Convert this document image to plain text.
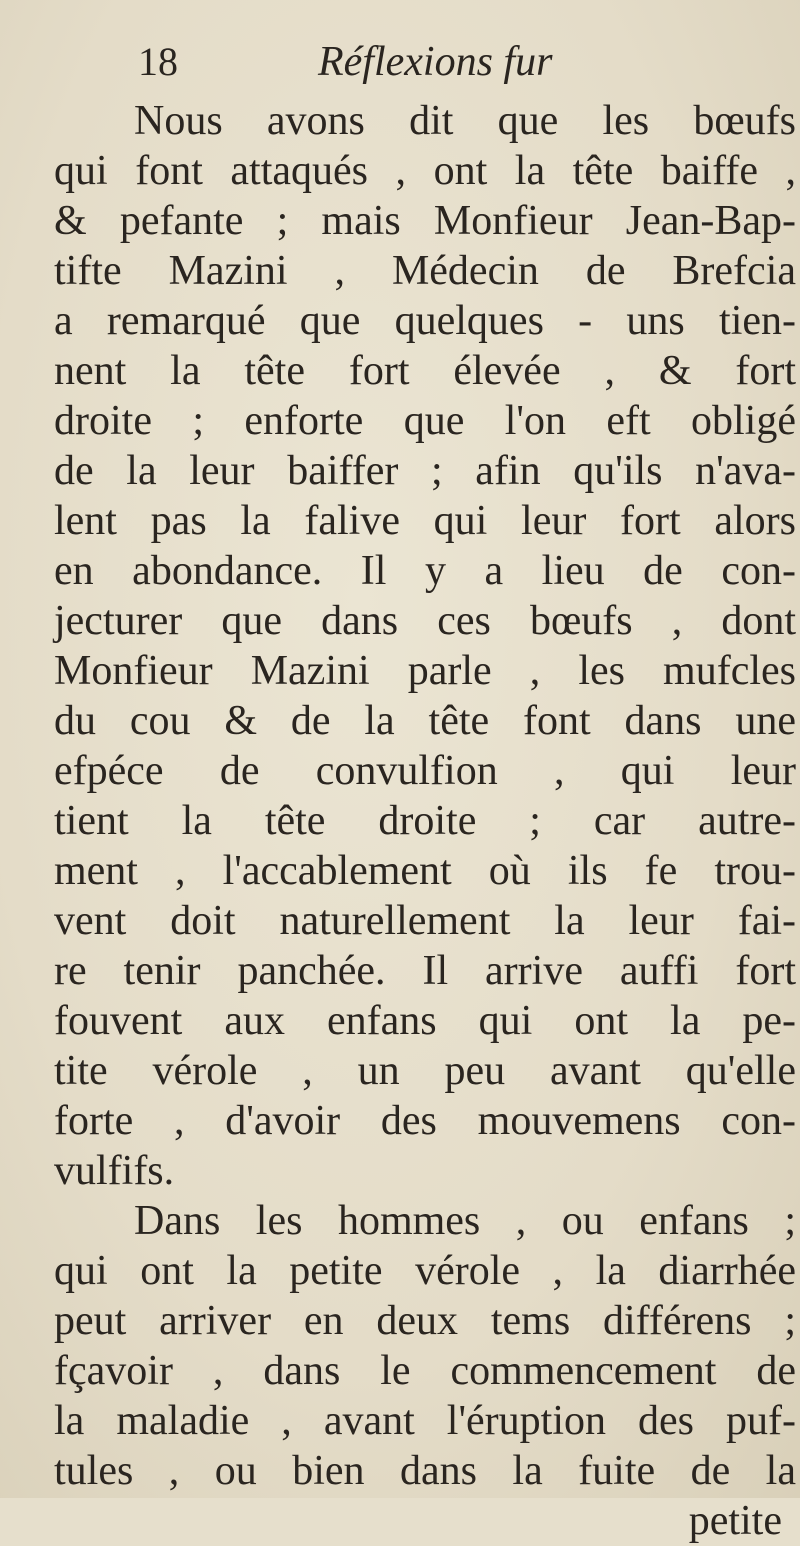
18	Réflexions fur
Nous avons dit que les bœufs
qui font attaqués , ont la tête baiffe ,
& pefante ; mais Monfieur Jean-Bap-
tifte Mazini , Médecin de Brefcia
a remarqué que quelques - uns tien-
nent la tête fort élevée , & fort
droite ; enforte que l'on eft obligé
de la leur baiffer ; afin qu'ils n'ava-
lent pas la falive qui leur fort alors
en abondance. Il y a lieu de con-
jecturer que dans ces bœufs , dont
Monfieur Mazini parle , les mufcles
du cou & de la tête font dans une
efpéce de convulfion , qui leur
tient la tête droite ; car autre-
ment , l'accablement où ils fe trou-
vent doit naturellement la leur fai-
re tenir panchée. Il arrive auffi fort
fouvent aux enfans qui ont la pe-
tite vérole , un peu avant qu'elle
forte , d'avoir des mouvemens con-
vulfifs.
Dans les hommes , ou enfans ;
qui ont la petite vérole , la diarrhée
peut arriver en deux tems différens ;
fçavoir , dans le commencement de
la maladie , avant l'éruption des puf-
tules , ou bien dans la fuite de la
petite
